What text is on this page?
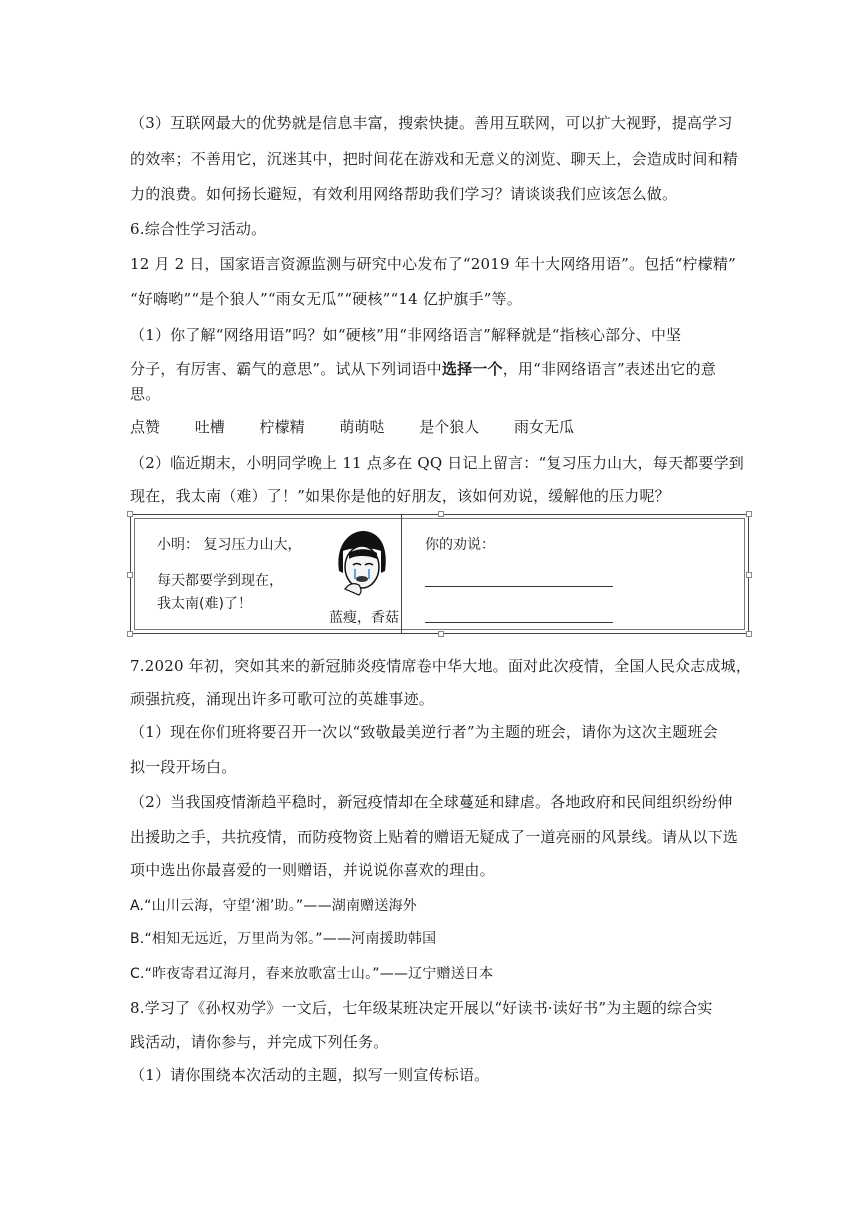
（3）互联网最大的优势就是信息丰富，搜索快捷。善用互联网，可以扩大视野，提高学习
的效率；不善用它，沉迷其中，把时间花在游戏和无意义的浏览、聊天上，会造成时间和精
力的浪费。如何扬长避短，有效利用网络帮助我们学习？请谈谈我们应该怎么做。
6.综合性学习活动。
12 月 2 日，国家语言资源监测与研究中心发布了“2019 年十大网络用语”。包括“柠檬精”
“好嗨哟”“是个狼人”“雨女无瓜”“硬核”“14 亿护旗手”等。
（1）你了解“网络用语”吗？如“硬核”用“非网络语言”解释就是“指核心部分、中坚
分子，有厉害、霸气的意思”。试从下列词语中选择一个，用“非网络语言”表述出它的意
思。
点赞 吐槽 柠檬精 萌萌哒 是个狼人 雨女无瓜
（2）临近期末，小明同学晚上 11 点多在 QQ 日记上留言：“复习压力山大，每天都要学到
现在，我太南（难）了！”如果你是他的好朋友，该如何劝说，缓解他的压力呢？
小明： 复习压力山大，
每天都要学到现在，
我太南(难)了！
蓝瘦，香菇
你的劝说：
7.2020 年初，突如其来的新冠肺炎疫情席卷中华大地。面对此次疫情，全国人民众志成城，
顽强抗疫，涌现出许多可歌可泣的英雄事迹。
（1）现在你们班将要召开一次以“致敬最美逆行者”为主题的班会，请你为这次主题班会
拟一段开场白。
（2）当我国疫情渐趋平稳时，新冠疫情却在全球蔓延和肆虐。各地政府和民间组织纷纷伸
出援助之手，共抗疫情，而防疫物资上贴着的赠语无疑成了一道亮丽的风景线。请从以下选
项中选出你最喜爱的一则赠语，并说说你喜欢的理由。
A.“山川云海，守望‘湘’助。”——湖南赠送海外
B.“相知无远近，万里尚为邻。”——河南援助韩国
C.“昨夜寄君辽海月，春来放歌富士山。”——辽宁赠送日本
8.学习了《孙权劝学》一文后，七年级某班决定开展以“好读书·读好书”为主题的综合实
践活动，请你参与，并完成下列任务。
（1）请你围绕本次活动的主题，拟写一则宣传标语。
